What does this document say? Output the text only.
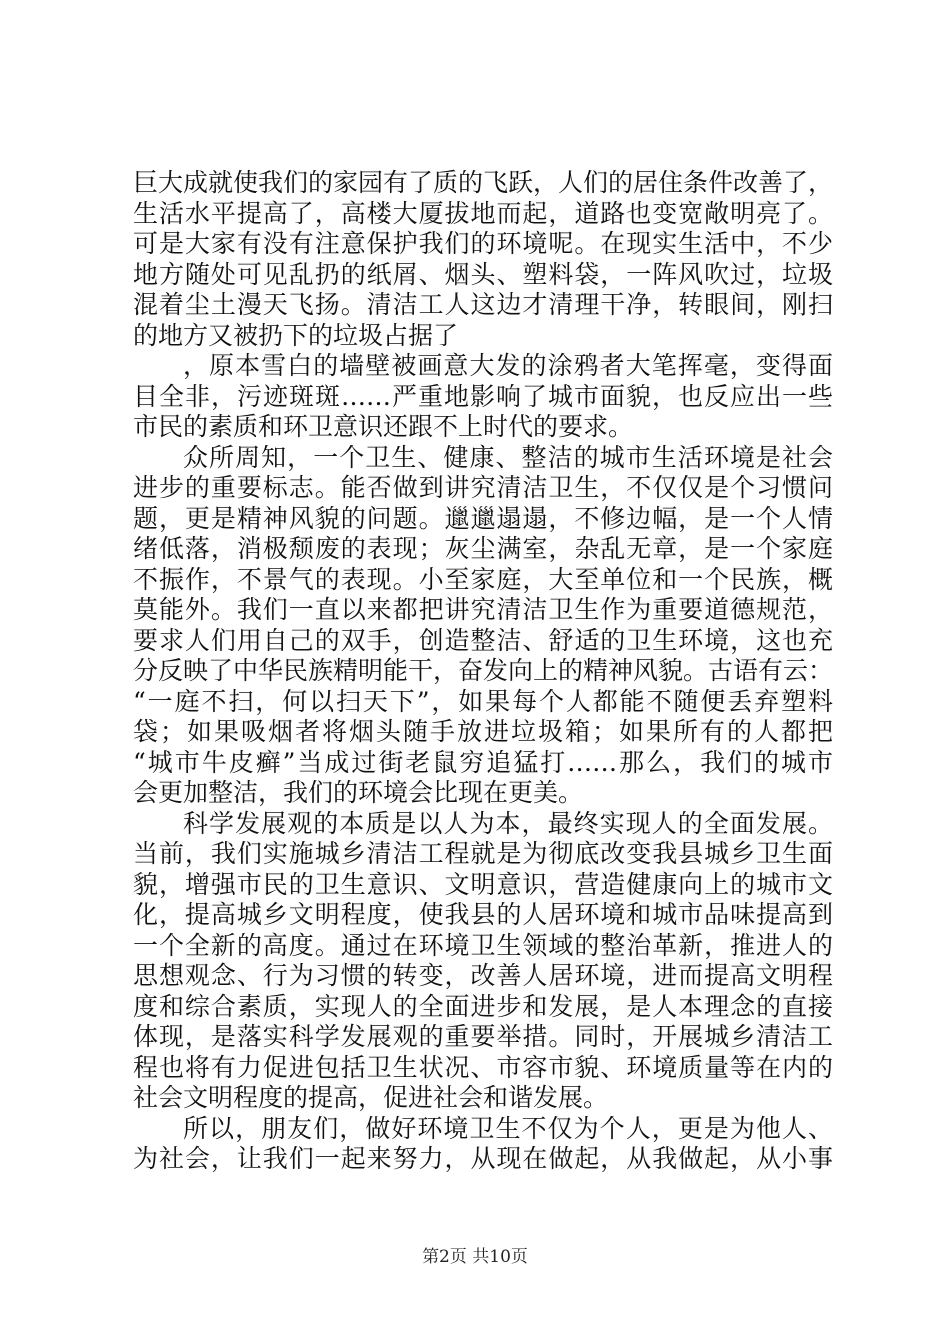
巨大成就使我们的家园有了质的飞跃，人们的居住条件改善了，
生活水平提高了，高楼大厦拔地而起，道路也变宽敞明亮了。
可是大家有没有注意保护我们的环境呢。在现实生活中，不少
地方随处可见乱扔的纸屑、烟头、塑料袋，一阵风吹过，垃圾
混着尘土漫天飞扬。清洁工人这边才清理干净，转眼间，刚扫
的地方又被扔下的垃圾占据了
，原本雪白的墙壁被画意大发的涂鸦者大笔挥毫，变得面
目全非，污迹斑斑……严重地影响了城市面貌，也反应出一些
市民的素质和环卫意识还跟不上时代的要求。
众所周知，一个卫生、健康、整洁的城市生活环境是社会
进步的重要标志。能否做到讲究清洁卫生，不仅仅是个习惯问
题，更是精神风貌的问题。邋邋遢遢，不修边幅，是一个人情
绪低落，消极颓废的表现；灰尘满室，杂乱无章，是一个家庭
不振作，不景气的表现。小至家庭，大至单位和一个民族，概
莫能外。我们一直以来都把讲究清洁卫生作为重要道德规范，
要求人们用自己的双手，创造整洁、舒适的卫生环境，这也充
分反映了中华民族精明能干，奋发向上的精神风貌。古语有云：
“一庭不扫，何以扫天下”，如果每个人都能不随便丢弃塑料
袋；如果吸烟者将烟头随手放进垃圾箱；如果所有的人都把
“城市牛皮癣”当成过街老鼠穷追猛打……那么，我们的城市
会更加整洁，我们的环境会比现在更美。
科学发展观的本质是以人为本，最终实现人的全面发展。
当前，我们实施城乡清洁工程就是为彻底改变我县城乡卫生面
貌，增强市民的卫生意识、文明意识，营造健康向上的城市文
化，提高城乡文明程度，使我县的人居环境和城市品味提高到
一个全新的高度。通过在环境卫生领域的整治革新，推进人的
思想观念、行为习惯的转变，改善人居环境，进而提高文明程
度和综合素质，实现人的全面进步和发展，是人本理念的直接
体现，是落实科学发展观的重要举措。同时，开展城乡清洁工
程也将有力促进包括卫生状况、市容市貌、环境质量等在内的
社会文明程度的提高，促进社会和谐发展。
所以，朋友们，做好环境卫生不仅为个人，更是为他人、
为社会，让我们一起来努力，从现在做起，从我做起，从小事
第2页 共10页
